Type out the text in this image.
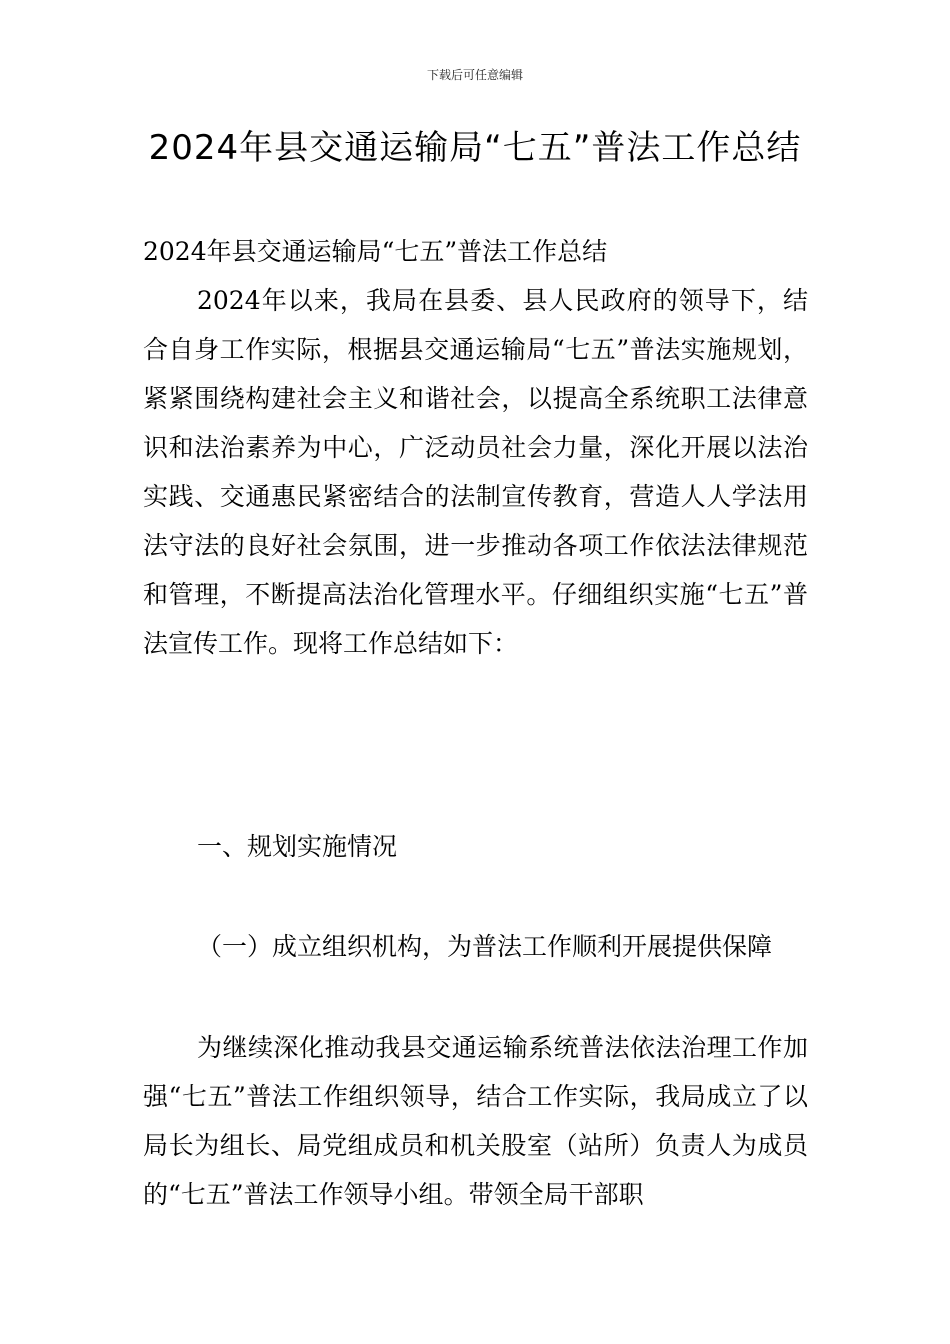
下载后可任意编辑
2024年县交通运输局“七五”普法工作总结

2024年县交通运输局“七五”普法工作总结

2024年以来，我局在县委、县人民政府的领导下，结合自身工作实际，根据县交通运输局“七五”普法实施规划，紧紧围绕构建社会主义和谐社会，以提高全系统职工法律意识和法治素养为中心，广泛动员社会力量，深化开展以法治实践、交通惠民紧密结合的法制宣传教育，营造人人学法用法守法的良好社会氛围，进一步推动各项工作依法法律规范和管理，不断提高法治化管理水平。仔细组织实施“七五”普法宣传工作。现将工作总结如下：

一、规划实施情况

（一）成立组织机构，为普法工作顺利开展提供保障

为继续深化推动我县交通运输系统普法依法治理工作加强“七五”普法工作组织领导，结合工作实际，我局成立了以局长为组长、局党组成员和机关股室（站所）负责人为成员的“七五”普法工作领导小组。带领全局干部职
